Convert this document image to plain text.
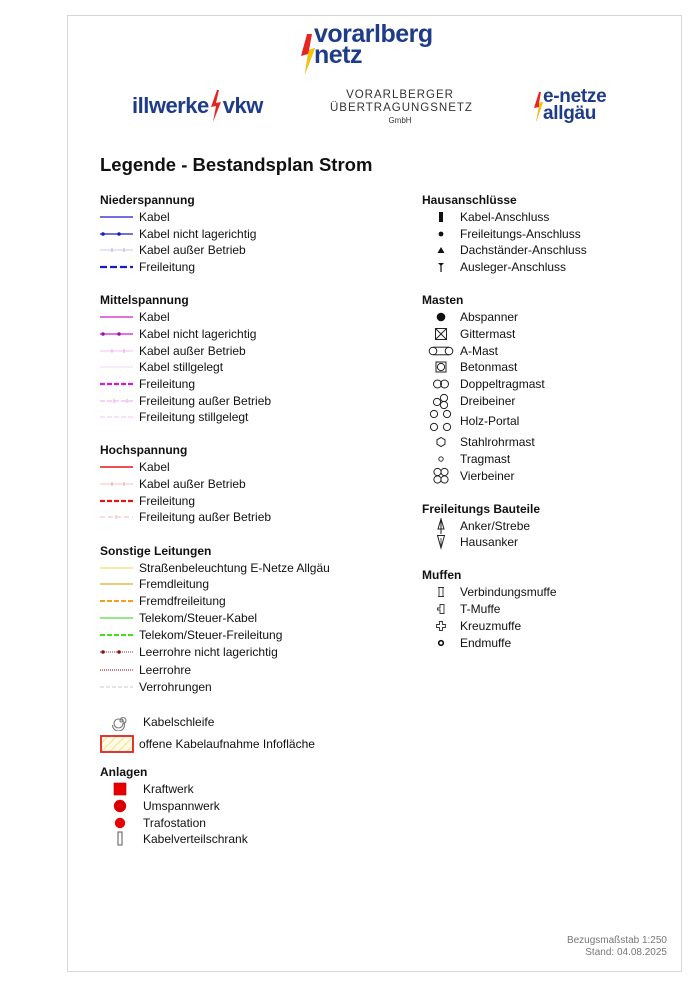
vorarlberg
netz
illwerke vkw	VORARLBERGER
ÜBERTRAGUNGSNETZ
GmbH
e-netze
allgäu
Legende - Bestandsplan Strom
Niederspannung
Kabel
Kabel nicht lagerichtig
Kabel außer Betrieb
Freileitung
Mittelspannung
Kabel
Kabel nicht lagerichtig
Kabel außer Betrieb
Kabel stillgelegt
Freileitung
Freileitung außer Betrieb
Freileitung stillgelegt
Hochspannung
Kabel
Kabel außer Betrieb
Freileitung
Freileitung außer Betrieb
Sonstige Leitungen
Straßenbeleuchtung E-Netze Allgäu
Fremdleitung
Fremdfreileitung
Telekom/Steuer-Kabel
Telekom/Steuer-Freileitung
Leerrohre nicht lagerichtig
Leerrohre
Verrohrungen
Kabelschleife
offene Kabelaufnahme Infofläche
Anlagen
Kraftwerk
Umspannwerk
Trafostation
Kabelverteilschrank
Hausanschlüsse
Kabel-Anschluss
Freileitungs-Anschluss
Dachständer-Anschluss
Ausleger-Anschluss
Masten
Abspanner
Gittermast
A-Mast
Betonmast
Doppeltragmast
Dreibeiner
Holz-Portal
Stahlrohrmast
Tragmast
Vierbeiner
Freileitungs Bauteile
Anker/Strebe
Hausanker
Muffen
Verbindungsmuffe
T-Muffe
Kreuzmuffe
Endmuffe
Bezugsmaßstab 1:250
Stand: 04.08.2025
